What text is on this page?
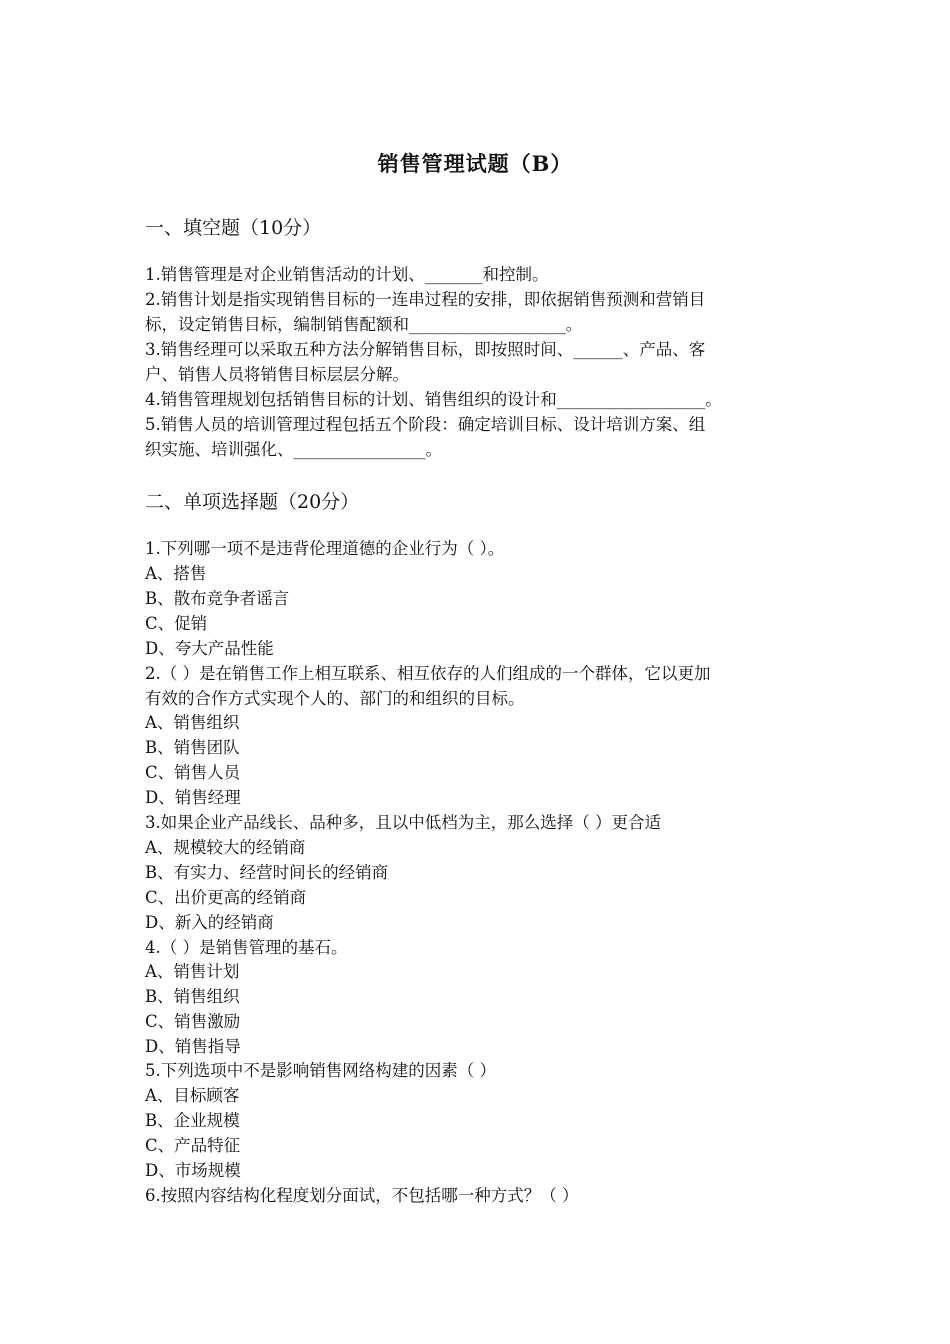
销售管理试题（B）
一、填空题（10分）
1.销售管理是对企业销售活动的计划、_______和控制。
2.销售计划是指实现销售目标的一连串过程的安排，即依据销售预测和营销目
标，设定销售目标，编制销售配额和___________________。
3.销售经理可以采取五种方法分解销售目标，即按照时间、______、产品、客
户、销售人员将销售目标层层分解。
4.销售管理规划包括销售目标的计划、销售组织的设计和__________________。
5.销售人员的培训管理过程包括五个阶段：确定培训目标、设计培训方案、组
织实施、培训强化、________________。
二、单项选择题（20分）
1.下列哪一项不是违背伦理道德的企业行为（ ）。
A、搭售
B、散布竞争者谣言
C、促销
D、夸大产品性能
2.（ ）是在销售工作上相互联系、相互依存的人们组成的一个群体，它以更加
有效的合作方式实现个人的、部门的和组织的目标。
A、销售组织
B、销售团队
C、销售人员
D、销售经理
3.如果企业产品线长、品种多，且以中低档为主，那么选择（ ）更合适
A、规模较大的经销商
B、有实力、经营时间长的经销商
C、出价更高的经销商
D、新入的经销商
4.（ ）是销售管理的基石。
A、销售计划
B、销售组织
C、销售激励
D、销售指导
5.下列选项中不是影响销售网络构建的因素（ ）
A、目标顾客
B、企业规模
C、产品特征
D、市场规模
6.按照内容结构化程度划分面试，不包括哪一种方式？（ ）
